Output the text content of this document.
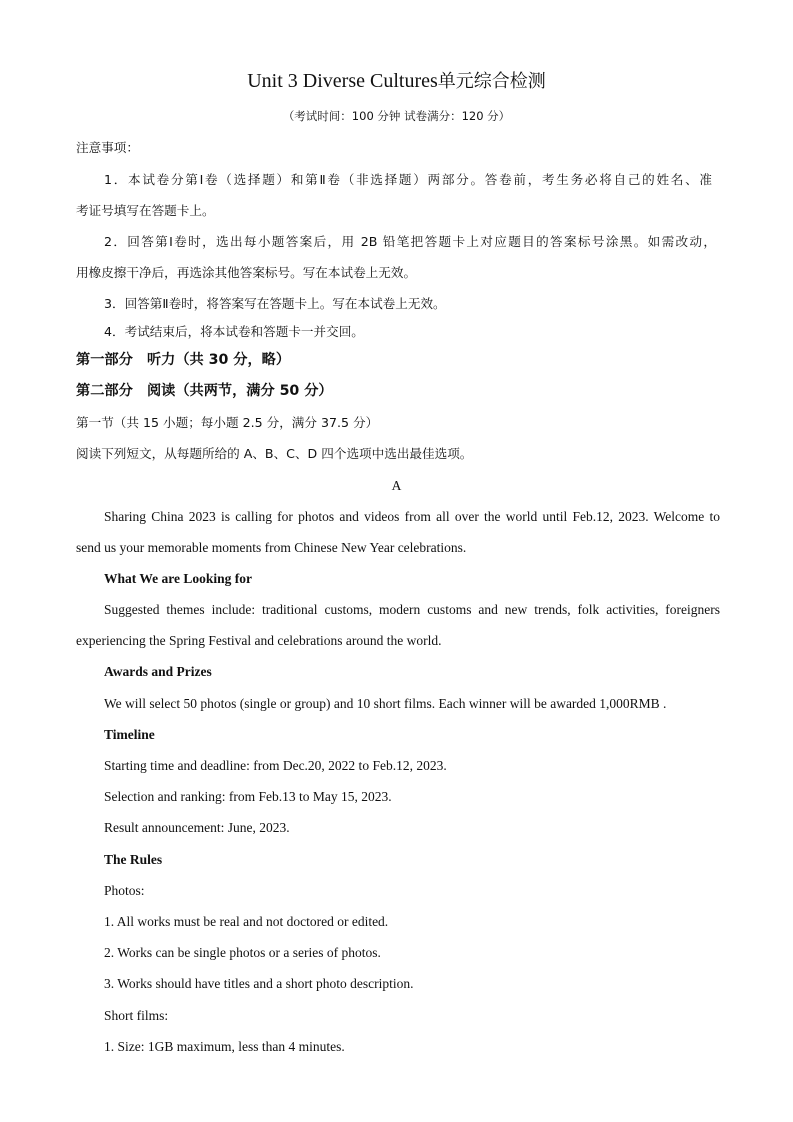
Unit 3 Diverse Cultures单元综合检测
（考试时间：100 分钟 试卷满分：120 分）
注意事项：
1．本试卷分第Ⅰ卷（选择题）和第Ⅱ卷（非选择题）两部分。答卷前，考生务必将自己的姓名、准
考证号填写在答题卡上。
2．回答第Ⅰ卷时，选出每小题答案后，用 2B 铅笔把答题卡上对应题目的答案标号涂黑。如需改动，
用橡皮擦干净后，再选涂其他答案标号。写在本试卷上无效。
3．回答第Ⅱ卷时，将答案写在答题卡上。写在本试卷上无效。
4．考试结束后，将本试卷和答题卡一并交回。
第一部分　听力（共 30 分，略）
第二部分　阅读（共两节，满分 50 分）
第一节（共 15 小题；每小题 2.5 分，满分 37.5 分）
阅读下列短文，从每题所给的 A、B、C、D 四个选项中选出最佳选项。
A
Sharing China 2023 is calling for photos and videos from all over the world until Feb.12, 2023. Welcome to
send us your memorable moments from Chinese New Year celebrations.
What We are Looking for
Suggested themes include: traditional customs, modern customs and new trends, folk activities, foreigners
experiencing the Spring Festival and celebrations around the world.
Awards and Prizes
We will select 50 photos (single or group) and 10 short films. Each winner will be awarded 1,000RMB .
Timeline
Starting time and deadline: from Dec.20, 2022 to Feb.12, 2023.
Selection and ranking: from Feb.13 to May 15, 2023.
Result announcement: June, 2023.
The Rules
Photos:
1. All works must be real and not doctored or edited.
2. Works can be single photos or a series of photos.
3. Works should have titles and a short photo description.
Short films:
1. Size: 1GB maximum, less than 4 minutes.
